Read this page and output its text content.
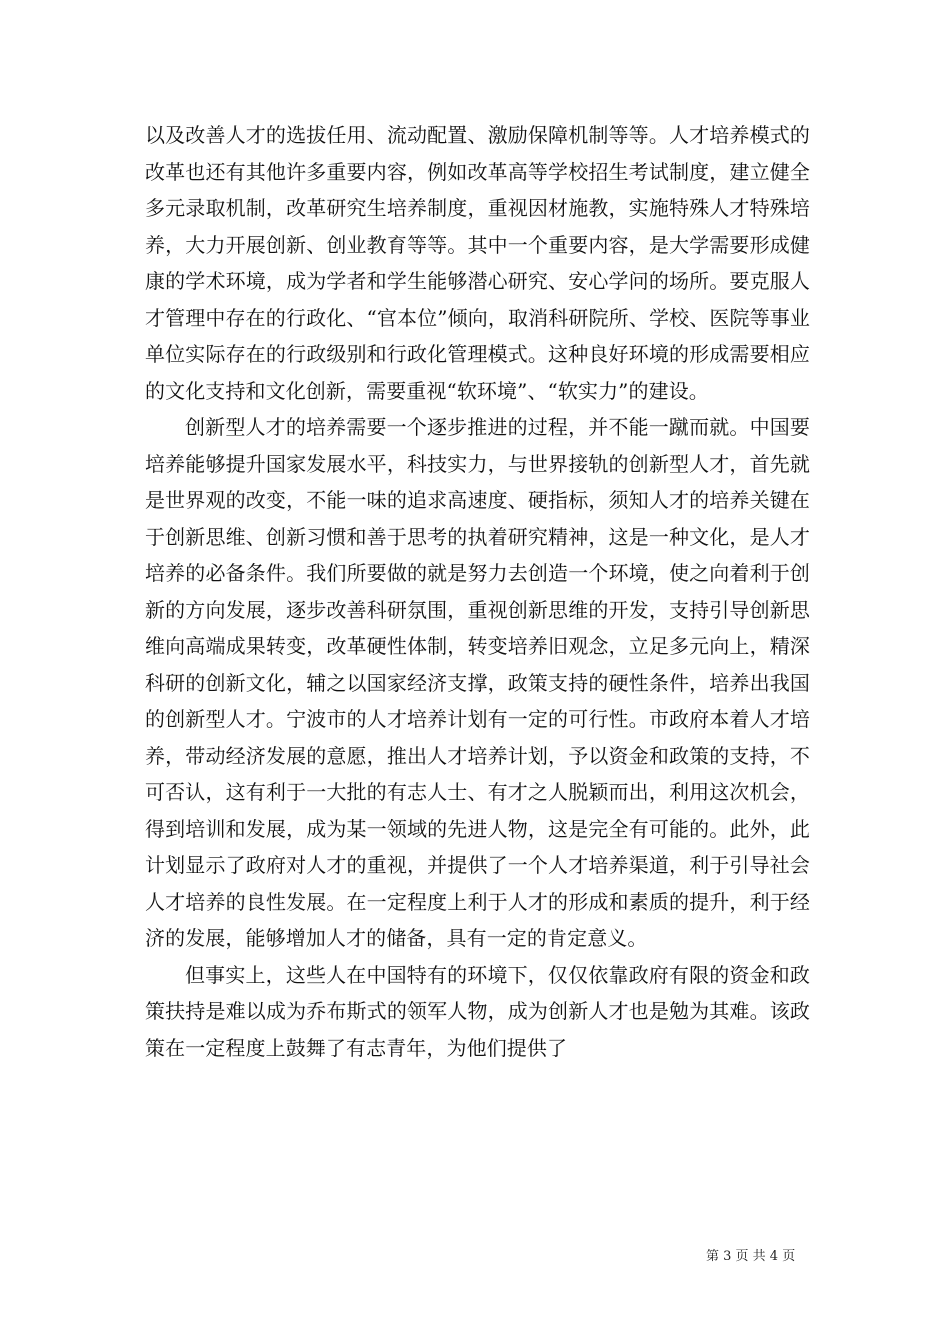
以及改善人才的选拔任用、流动配置、激励保障机制等等。人才培养模式的改革也还有其他许多重要内容，例如改革高等学校招生考试制度，建立健全多元录取机制，改革研究生培养制度，重视因材施教，实施特殊人才特殊培养，大力开展创新、创业教育等等。其中一个重要内容，是大学需要形成健康的学术环境，成为学者和学生能够潜心研究、安心学问的场所。要克服人才管理中存在的行政化、“官本位”倾向，取消科研院所、学校、医院等事业单位实际存在的行政级别和行政化管理模式。这种良好环境的形成需要相应的文化支持和文化创新，需要重视“软环境”、“软实力”的建设。

创新型人才的培养需要一个逐步推进的过程，并不能一蹴而就。中国要培养能够提升国家发展水平，科技实力，与世界接轨的创新型人才，首先就是世界观的改变，不能一味的追求高速度、硬指标，须知人才的培养关键在于创新思维、创新习惯和善于思考的执着研究精神，这是一种文化，是人才培养的必备条件。我们所要做的就是努力去创造一个环境，使之向着利于创新的方向发展，逐步改善科研氛围，重视创新思维的开发，支持引导创新思维向高端成果转变，改革硬性体制，转变培养旧观念，立足多元向上，精深科研的创新文化，辅之以国家经济支撑，政策支持的硬性条件，培养出我国的创新型人才。宁波市的人才培养计划有一定的可行性。市政府本着人才培养，带动经济发展的意愿，推出人才培养计划，予以资金和政策的支持，不可否认，这有利于一大批的有志人士、有才之人脱颖而出，利用这次机会，得到培训和发展，成为某一领域的先进人物，这是完全有可能的。此外，此计划显示了政府对人才的重视，并提供了一个人才培养渠道，利于引导社会人才培养的良性发展。在一定程度上利于人才的形成和素质的提升，利于经济的发展，能够增加人才的储备，具有一定的肯定意义。

但事实上，这些人在中国特有的环境下，仅仅依靠政府有限的资金和政策扶持是难以成为乔布斯式的领军人物，成为创新人才也是勉为其难。该政策在一定程度上鼓舞了有志青年，为他们提供了

第 3 页 共 4 页
